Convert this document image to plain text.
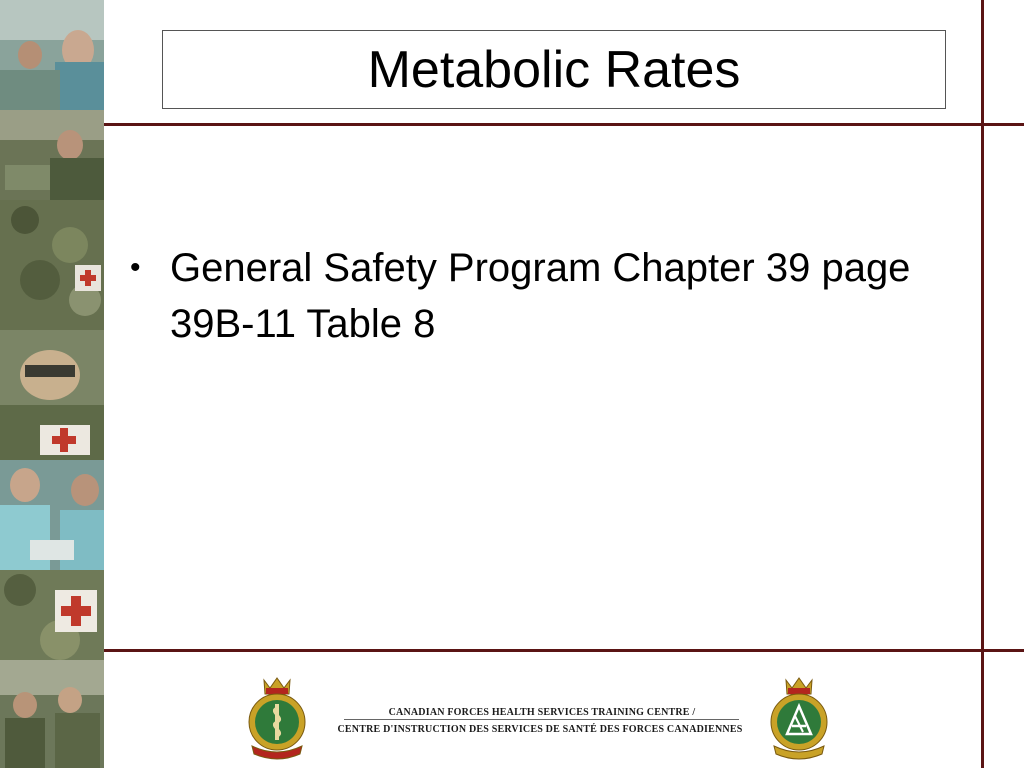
Metabolic Rates
• General Safety Program Chapter 39 page 39B-11 Table 8
CANADIAN FORCES HEALTH SERVICES TRAINING CENTRE /
CENTRE D'INSTRUCTION DES SERVICES DE SANTÉ DES FORCES CANADIENNES
